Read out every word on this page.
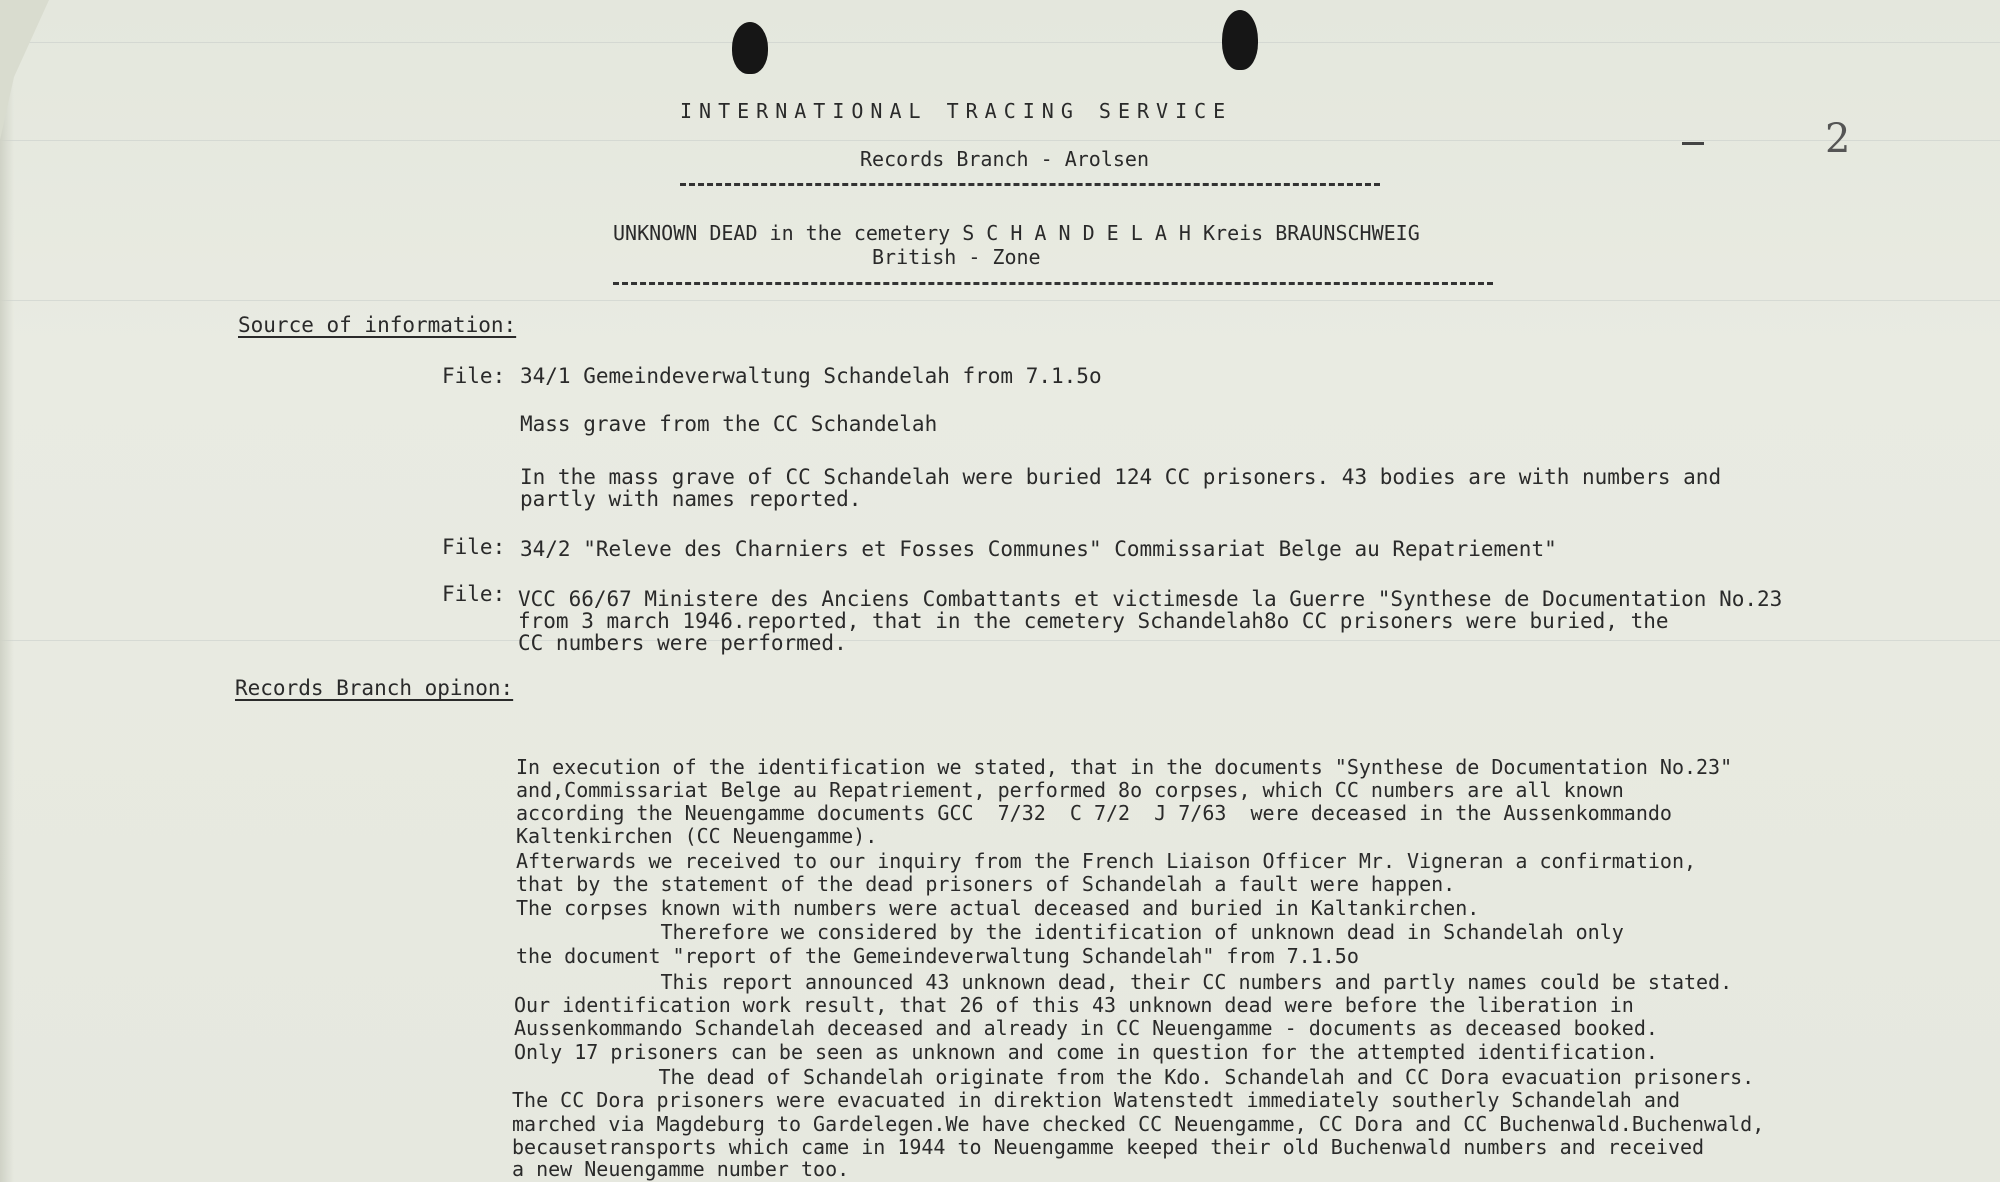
INTERNATIONAL TRACING SERVICE
Records Branch - Arolsen	2
UNKNOWN DEAD in the cemetery S C H A N D E L A H Kreis BRAUNSCHWEIG
British - Zone
Source of information:
File: 34/1 Gemeindeverwaltung Schandelah from 7.1.5o
Mass grave from the CC Schandelah
In the mass grave of CC Schandelah were buried 124 CC prisoners. 43 bodies are with numbers and
partly with names reported.
File: 34/2 "Releve des Charniers et Fosses Communes" Commissariat Belge au Repatriement"
File: VCC 66/67 Ministere des Anciens Combattants et victimesde la Guerre "Synthese de Documentation No.23
from 3 march 1946.reported, that in the cemetery Schandelah8o CC prisoners were buried, the
CC numbers were performed.
Records Branch opinon:
In execution of the identification we stated, that in the documents "Synthese de Documentation No.23"
and,Commissariat Belge au Repatriement, performed 8o corpses, which CC numbers are all known
according the Neuengamme documents GCC  7/32  C 7/2  J 7/63  were deceased in the Aussenkommando
Kaltenkirchen (CC Neuengamme).
Afterwards we received to our inquiry from the French Liaison Officer Mr. Vigneran a confirmation,
that by the statement of the dead prisoners of Schandelah a fault were happen.
The corpses known with numbers were actual deceased and buried in Kaltankirchen.
Therefore we considered by the identification of unknown dead in Schandelah only
the document "report of the Gemeindeverwaltung Schandelah" from 7.1.5o
This report announced 43 unknown dead, their CC numbers and partly names could be stated.
Our identification work result, that 26 of this 43 unknown dead were before the liberation in
Aussenkommando Schandelah deceased and already in CC Neuengamme - documents as deceased booked.
Only 17 prisoners can be seen as unknown and come in question for the attempted identification.
The dead of Schandelah originate from the Kdo. Schandelah and CC Dora evacuation prisoners.
The CC Dora prisoners were evacuated in direktion Watenstedt immediately southerly Schandelah and
marched via Magdeburg to Gardelegen.We have checked CC Neuengamme, CC Dora and CC Buchenwald.Buchenwald,
becausetransports which came in 1944 to Neuengamme keeped their old Buchenwald numbers and received
a new Neuengamme number too.
